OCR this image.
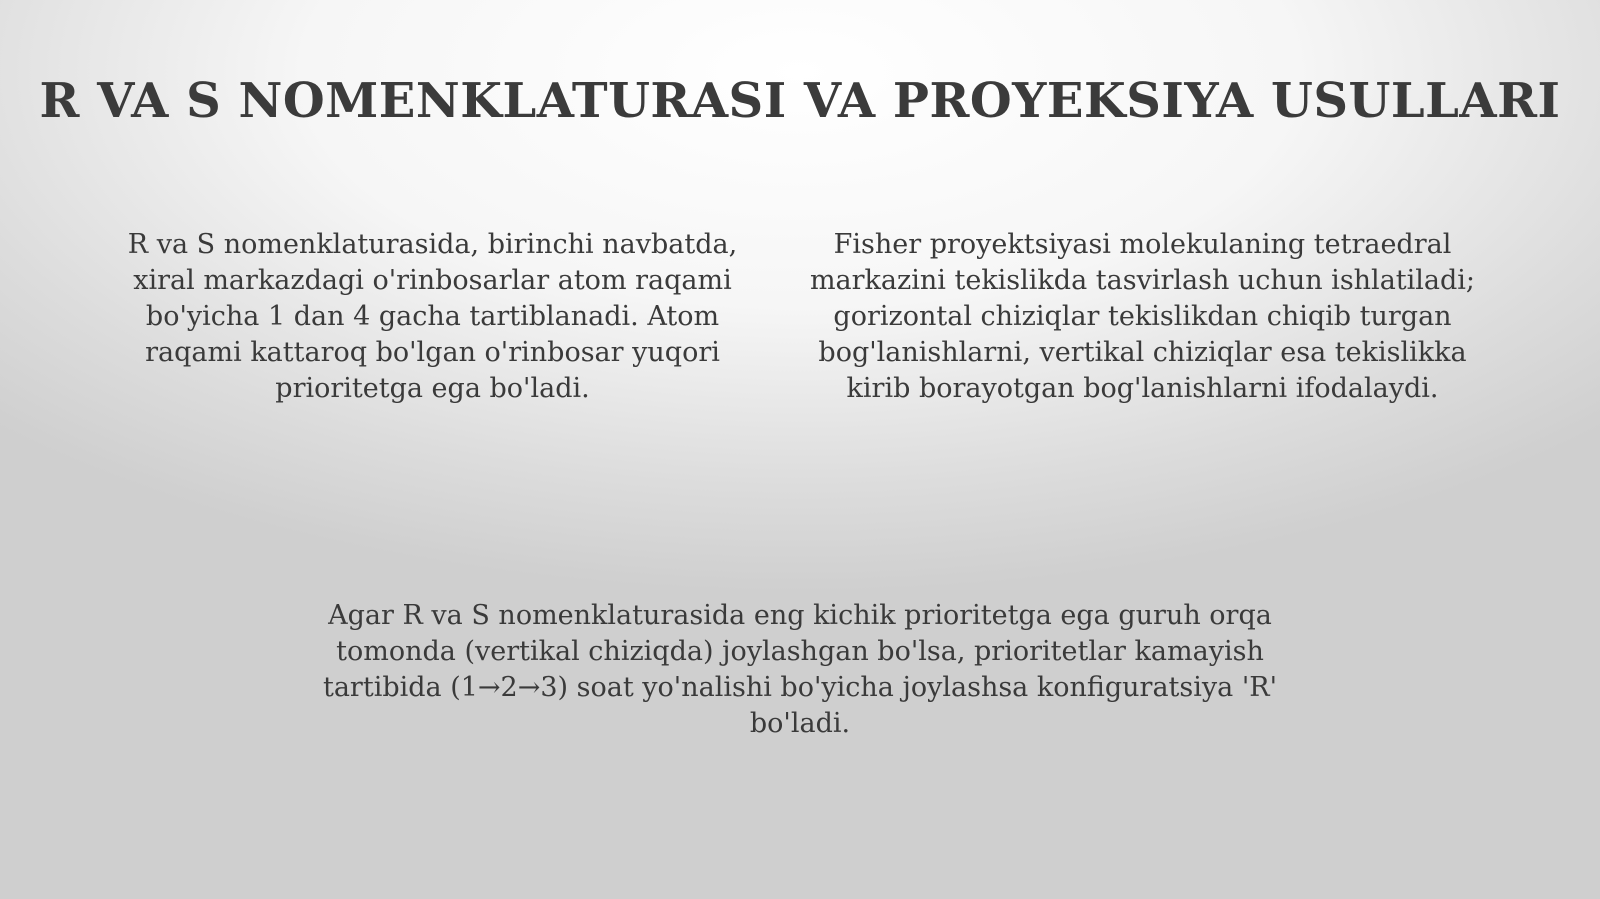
R VA S NOMENKLATURASI VA PROYEKSIYA USULLARI
R va S nomenklaturasida, birinchi navbatda, xiral markazdagi o'rinbosarlar atom raqami bo'yicha 1 dan 4 gacha tartiblanadi. Atom raqami kattaroq bo'lgan o'rinbosar yuqori prioritetga ega bo'ladi.
Fisher proyektsiyasi molekulaning tetraedral markazini tekislikda tasvirlash uchun ishlatiladi; gorizontal chiziqlar tekislikdan chiqib turgan bog'lanishlarni, vertikal chiziqlar esa tekislikka kirib borayotgan bog'lanishlarni ifodalaydi.
Agar R va S nomenklaturasida eng kichik prioritetga ega guruh orqa tomonda (vertikal chiziqda) joylashgan bo'lsa, prioritetlar kamayish tartibida (1→2→3) soat yo'nalishi bo'yicha joylashsa konfiguratsiya 'R' bo'ladi.
